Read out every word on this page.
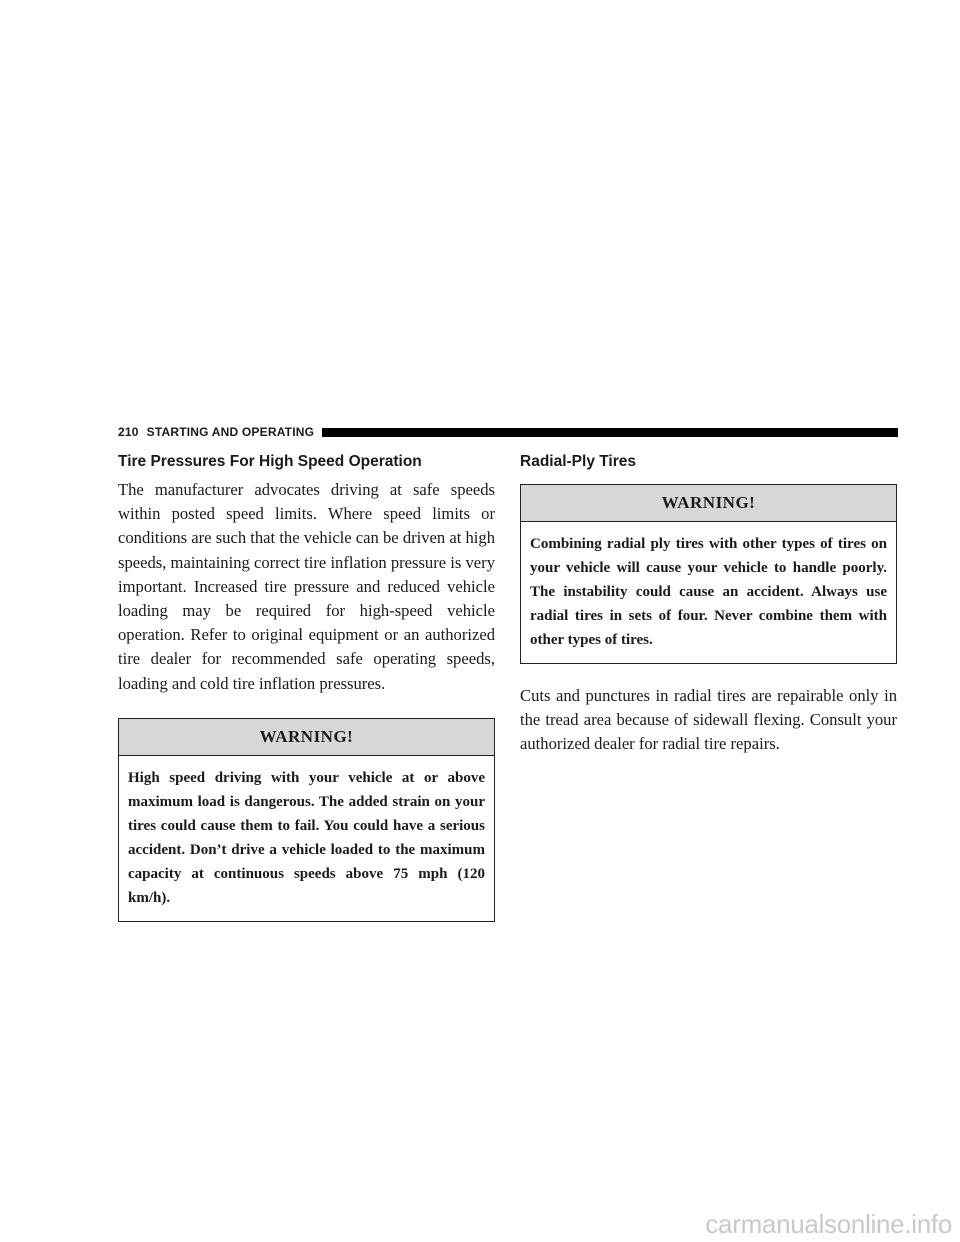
210 STARTING AND OPERATING
Tire Pressures For High Speed Operation

The manufacturer advocates driving at safe speeds within posted speed limits. Where speed limits or conditions are such that the vehicle can be driven at high speeds, maintaining correct tire inflation pressure is very important. Increased tire pressure and reduced vehicle loading may be required for high-speed vehicle operation. Refer to original equipment or an authorized tire dealer for recommended safe operating speeds, loading and cold tire inflation pressures.

WARNING!
High speed driving with your vehicle at or above maximum load is dangerous. The added strain on your tires could cause them to fail. You could have a serious accident. Don’t drive a vehicle loaded to the maximum capacity at continuous speeds above 75 mph (120 km/h).
Radial-Ply Tires
WARNING!
Combining radial ply tires with other types of tires on your vehicle will cause your vehicle to handle poorly. The instability could cause an accident. Always use radial tires in sets of four. Never combine them with other types of tires.

Cuts and punctures in radial tires are repairable only in the tread area because of sidewall flexing. Consult your authorized dealer for radial tire repairs.

carmanualsonline.info
